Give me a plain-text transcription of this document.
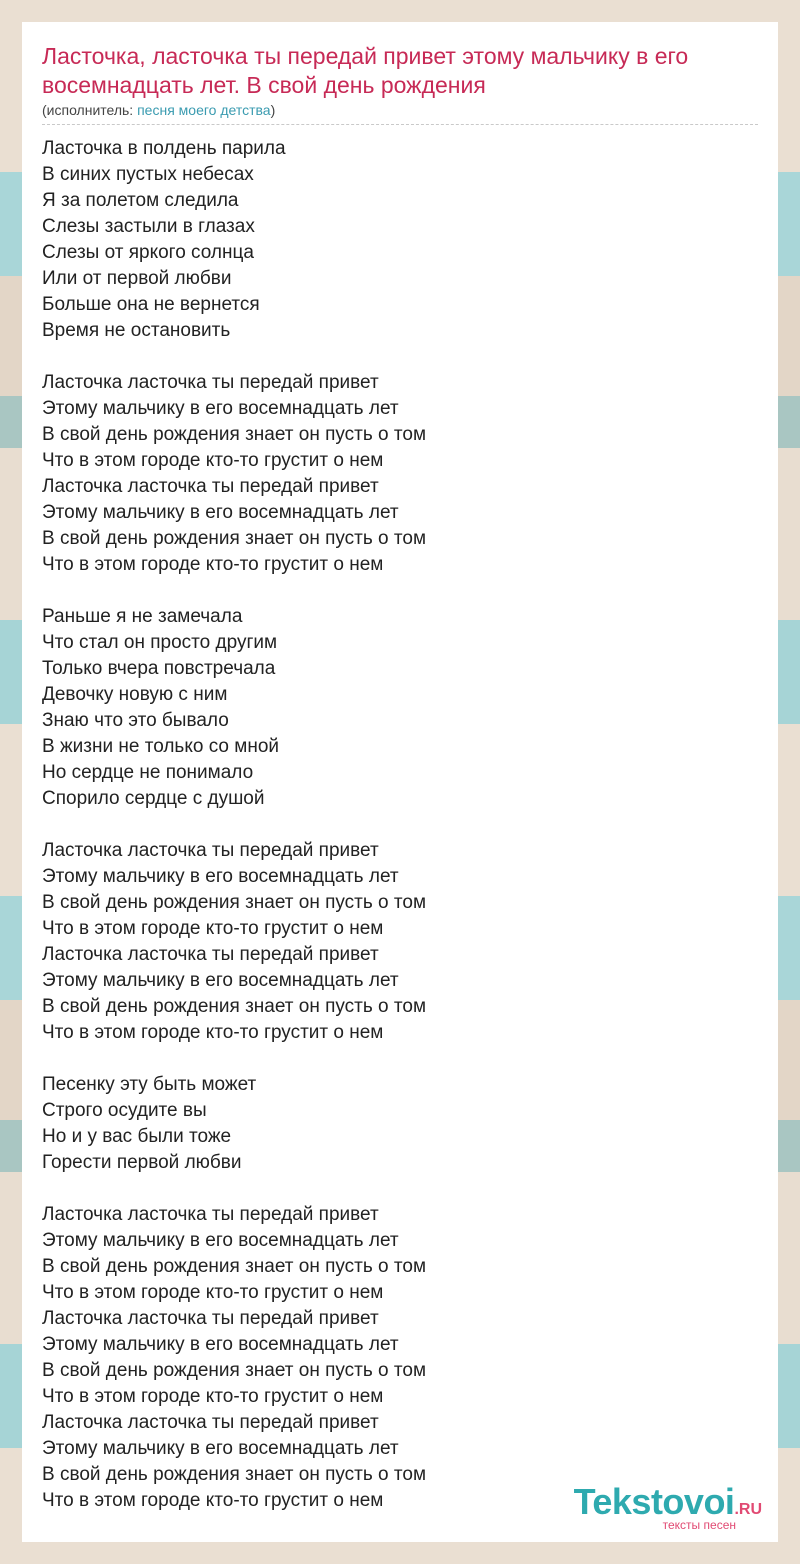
Ласточка, ласточка ты передай привет этому мальчику в его восемнадцать лет. В свой день рождения
(исполнитель: песня моего детства)
Ласточка в полдень парила
В синих пустых небесах
Я за полетом следила
Слезы застыли в глазах
Слезы от яркого солнца
Или от первой любви
Больше она не вернется
Время не остановить
Ласточка ласточка ты передай привет
Этому мальчику в его восемнадцать лет
В свой день рождения знает он пусть о том
Что в этом городе кто-то грустит о нем
Ласточка ласточка ты передай привет
Этому мальчику в его восемнадцать лет
В свой день рождения знает он пусть о том
Что в этом городе кто-то грустит о нем
Раньше я не замечала
Что стал он просто другим
Только вчера повстречала
Девочку новую с ним
Знаю что это бывало
В жизни не только со мной
Но сердце не понимало
Спорило сердце с душой
Ласточка ласточка ты передай привет
Этому мальчику в его восемнадцать лет
В свой день рождения знает он пусть о том
Что в этом городе кто-то грустит о нем
Ласточка ласточка ты передай привет
Этому мальчику в его восемнадцать лет
В свой день рождения знает он пусть о том
Что в этом городе кто-то грустит о нем
Песенку эту быть может
Строго осудите вы
Но и у вас были тоже
Горести первой любви
Ласточка ласточка ты передай привет
Этому мальчику в его восемнадцать лет
В свой день рождения знает он пусть о том
Что в этом городе кто-то грустит о нем
Ласточка ласточка ты передай привет
Этому мальчику в его восемнадцать лет
В свой день рождения знает он пусть о том
Что в этом городе кто-то грустит о нем
Ласточка ласточка ты передай привет
Этому мальчику в его восемнадцать лет
В свой день рождения знает он пусть о том
Что в этом городе кто-то грустит о нем	Tekstovoi.RU
тексты песен
